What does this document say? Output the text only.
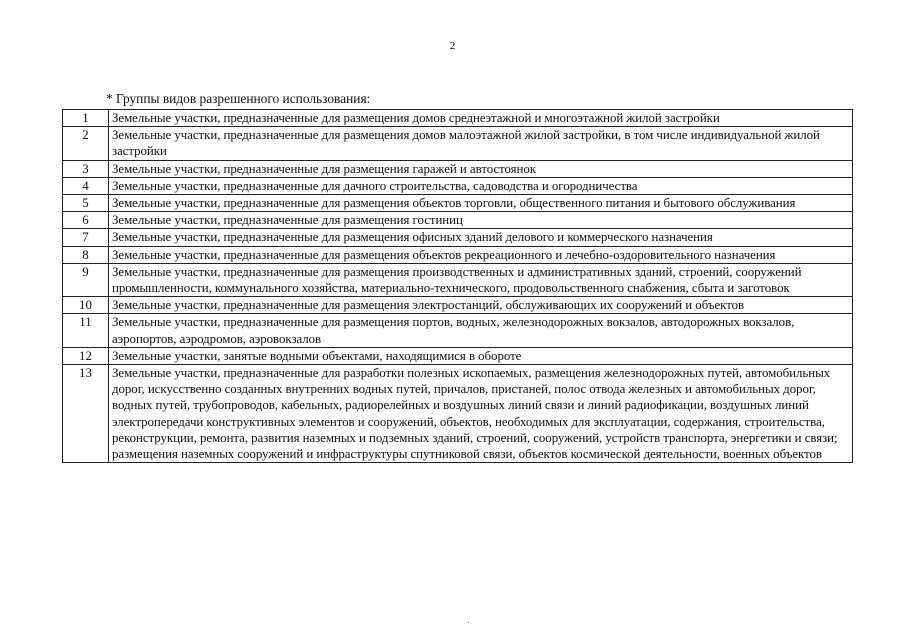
2
* Группы видов разрешенного использования:
1	Земельные участки, предназначенные для размещения домов среднеэтажной и многоэтажной жилой застройки
2	Земельные участки, предназначенные для размещения домов малоэтажной жилой застройки, в том числе индивидуальной жилой застройки
3	Земельные участки, предназначенные для размещения гаражей и автостоянок
4	Земельные участки, предназначенные для дачного строительства, садоводства и огородничества
5	Земельные участки, предназначенные для размещения объектов торговли, общественного питания и бытового обслуживания
6	Земельные участки, предназначенные для размещения гостиниц
7	Земельные участки, предназначенные для размещения офисных зданий делового и коммерческого назначения
8	Земельные участки, предназначенные для размещения объектов рекреационного и лечебно-оздоровительного назначения
9	Земельные участки, предназначенные для размещения производственных и административных зданий, строений, сооружений промышленности, коммунального хозяйства, материально-технического, продовольственного снабжения, сбыта и заготовок
10	Земельные участки, предназначенные для размещения электростанций, обслуживающих их сооружений и объектов
11	Земельные участки, предназначенные для размещения портов, водных, железнодорожных вокзалов, автодорожных вокзалов, аэропортов, аэродромов, аэровокзалов
12	Земельные участки, занятые водными объектами, находящимися в обороте
13	Земельные участки, предназначенные для разработки полезных ископаемых, размещения железнодорожных путей, автомобильных дорог, искусственно созданных внутренних водных путей, причалов, пристаней, полос отвода железных и автомобильных дорог, водных путей, трубопроводов, кабельных, радиорелейных и воздушных линий связи и линий радиофикации, воздушных линий электропередачи конструктивных элементов и сооружений, объектов, необходимых для эксплуатации, содержания, строительства, реконструкции, ремонта, развития наземных и подземных зданий, строений, сооружений, устройств транспорта, энергетики и связи; размещения наземных сооружений и инфраструктуры спутниковой связи, объектов космической деятельности, военных объектов
